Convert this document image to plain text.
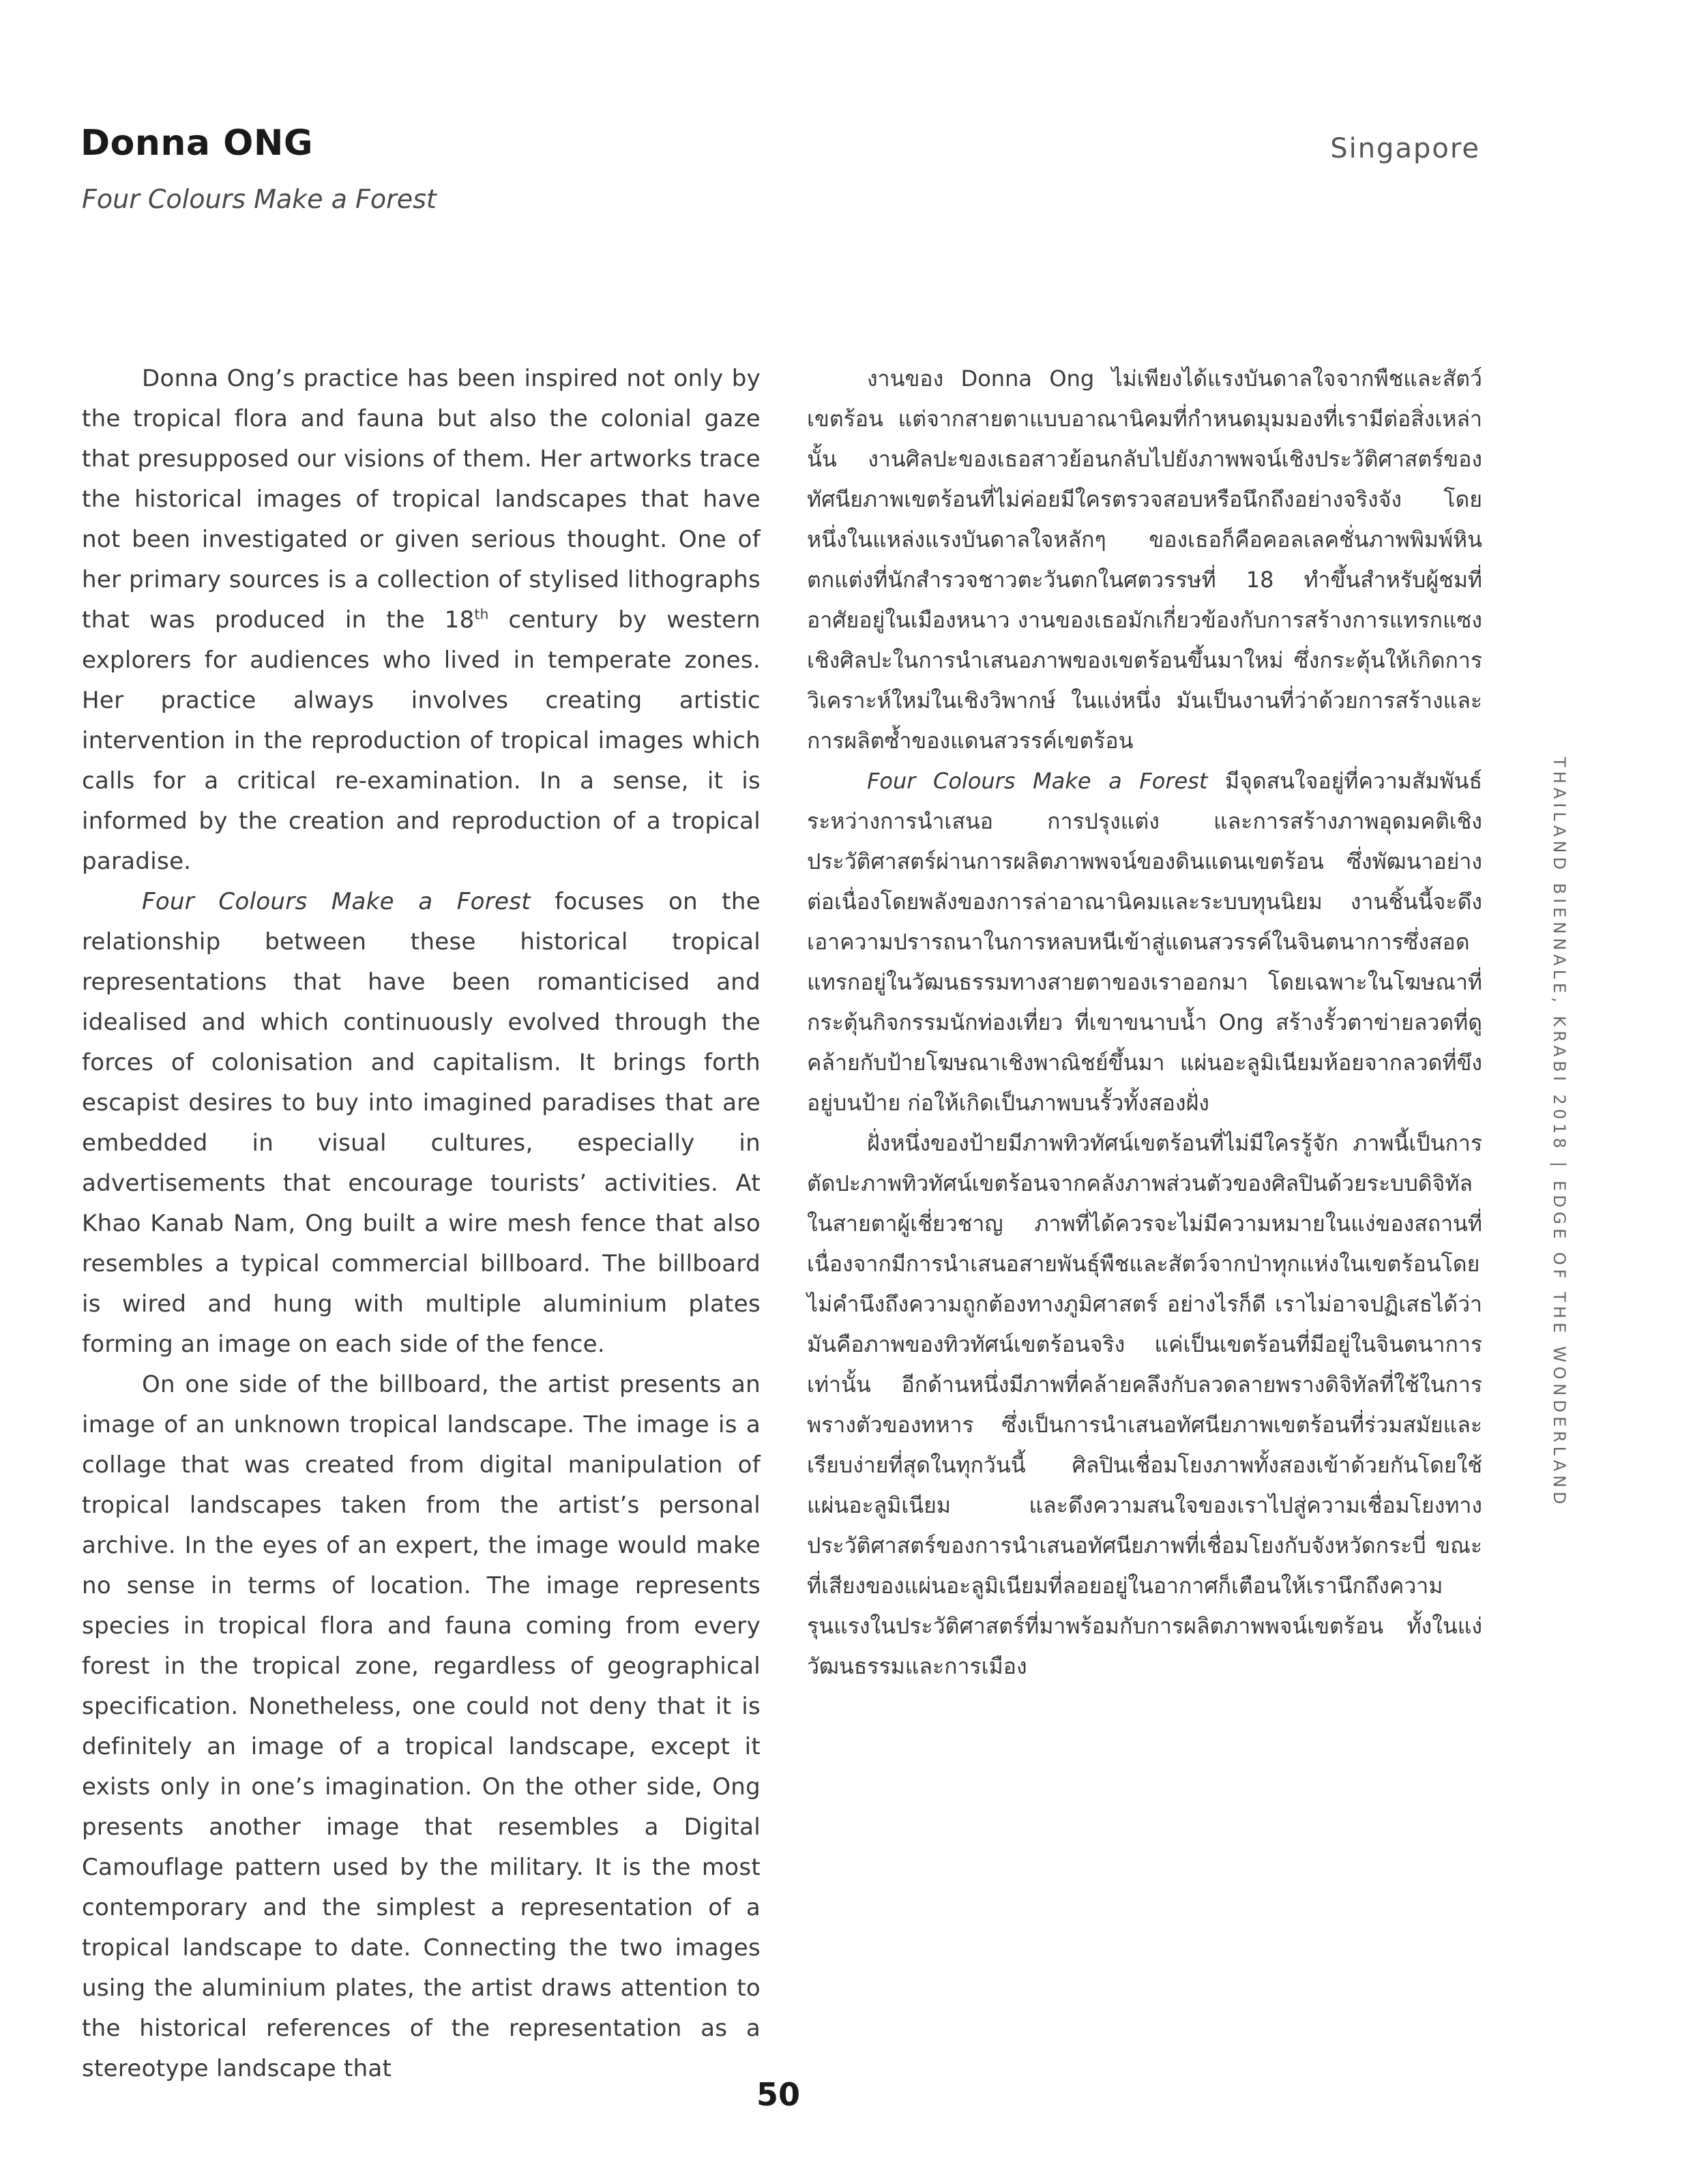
Donna ONG	Singapore
Four Colours Make a Forest

Donna Ong’s practice has been inspired not only by the tropical flora and fauna but also the colonial gaze that presupposed our visions of them. Her artworks trace the historical images of tropical landscapes that have not been investigated or given serious thought. One of her primary sources is a collection of stylised lithographs that was produced in the 18th century by western explorers for audiences who lived in temperate zones. Her practice always involves creating artistic intervention in the reproduction of tropical images which calls for a critical re-examination. In a sense, it is informed by the creation and reproduction of a tropical paradise.

Four Colours Make a Forest focuses on the relationship between these historical tropical representations that have been romanticised and idealised and which continuously evolved through the forces of colonisation and capitalism. It brings forth escapist desires to buy into imagined paradises that are embedded in visual cultures, especially in advertisements that encourage tourists’ activities. At Khao Kanab Nam, Ong built a wire mesh fence that also resembles a typical commercial billboard. The billboard is wired and hung with multiple aluminium plates forming an image on each side of the fence.

On one side of the billboard, the artist presents an image of an unknown tropical landscape. The image is a collage that was created from digital manipulation of tropical landscapes taken from the artist’s personal archive. In the eyes of an expert, the image would make no sense in terms of location. The image represents species in tropical flora and fauna coming from every forest in the tropical zone, regardless of geographical specification. Nonetheless, one could not deny that it is definitely an image of a tropical landscape, except it exists only in one’s imagination. On the other side, Ong presents another image that resembles a Digital Camouflage pattern used by the military. It is the most contemporary and the simplest a representation of a tropical landscape to date. Connecting the two images using the aluminium plates, the artist draws attention to the historical references of the representation as a stereotype landscape that

งานของ Donna Ong ไม่เพียงได้แรงบันดาลใจจากพืชและสัตว์เขตร้อน แต่จากสายตาแบบอาณานิคมที่กำหนดมุมมองที่เรามีต่อสิ่งเหล่านั้น งานศิลปะของเธอสาวย้อนกลับไปยังภาพพจน์เชิงประวัติศาสตร์ของทัศนียภาพเขตร้อนที่ไม่ค่อยมีใครตรวจสอบหรือนึกถึงอย่างจริงจัง โดยหนึ่งในแหล่งแรงบันดาลใจหลักๆ ของเธอก็คือคอลเลคชั่นภาพพิมพ์หินตกแต่งที่นักสำรวจชาวตะวันตกในศตวรรษที่ 18 ทำขึ้นสำหรับผู้ชมที่อาศัยอยู่ในเมืองหนาว งานของเธอมักเกี่ยวข้องกับการสร้างการแทรกแซงเชิงศิลปะในการนำเสนอภาพของเขตร้อนขึ้นมาใหม่ ซึ่งกระตุ้นให้เกิดการวิเคราะห์ใหม่ในเชิงวิพากษ์ ในแง่หนึ่ง มันเป็นงานที่ว่าด้วยการสร้างและการผลิตซ้ำของแดนสวรรค์เขตร้อน

Four Colours Make a Forest มีจุดสนใจอยู่ที่ความสัมพันธ์ระหว่างการนำเสนอ การปรุงแต่ง และการสร้างภาพอุดมคติเชิงประวัติศาสตร์ผ่านการผลิตภาพพจน์ของดินแดนเขตร้อน ซึ่งพัฒนาอย่างต่อเนื่องโดยพลังของการล่าอาณานิคมและระบบทุนนิยม งานชิ้นนี้จะดึงเอาความปรารถนาในการหลบหนีเข้าสู่แดนสวรรค์ในจินตนาการซึ่งสอดแทรกอยู่ในวัฒนธรรมทางสายตาของเราออกมา โดยเฉพาะในโฆษณาที่กระตุ้นกิจกรรมนักท่องเที่ยว ที่เขาขนาบน้ำ Ong สร้างรั้วตาข่ายลวดที่ดูคล้ายกับป้ายโฆษณาเชิงพาณิชย์ขึ้นมา แผ่นอะลูมิเนียมห้อยจากลวดที่ขึงอยู่บนป้าย ก่อให้เกิดเป็นภาพบนรั้วทั้งสองฝั่ง

ฝั่งหนึ่งของป้ายมีภาพทิวทัศน์เขตร้อนที่ไม่มีใครรู้จัก ภาพนี้เป็นการตัดปะภาพทิวทัศน์เขตร้อนจากคลังภาพส่วนตัวของศิลปินด้วยระบบดิจิทัล ในสายตาผู้เชี่ยวชาญ ภาพที่ได้ควรจะไม่มีความหมายในแง่ของสถานที่ เนื่องจากมีการนำเสนอสายพันธุ์พืชและสัตว์จากป่าทุกแห่งในเขตร้อนโดยไม่คำนึงถึงความถูกต้องทางภูมิศาสตร์ อย่างไรก็ดี เราไม่อาจปฏิเสธได้ว่ามันคือภาพของทิวทัศน์เขตร้อนจริง แค่เป็นเขตร้อนที่มีอยู่ในจินตนาการเท่านั้น อีกด้านหนึ่งมีภาพที่คล้ายคลึงกับลวดลายพรางดิจิทัลที่ใช้ในการพรางตัวของทหาร ซึ่งเป็นการนำเสนอทัศนียภาพเขตร้อนที่ร่วมสมัยและเรียบง่ายที่สุดในทุกวันนี้ ศิลปินเชื่อมโยงภาพทั้งสองเข้าด้วยกันโดยใช้แผ่นอะลูมิเนียม และดึงความสนใจของเราไปสู่ความเชื่อมโยงทางประวัติศาสตร์ของการนำเสนอทัศนียภาพที่เชื่อมโยงกับจังหวัดกระบี่ ขณะที่เสียงของแผ่นอะลูมิเนียมที่ลอยอยู่ในอากาศก็เตือนให้เรานึกถึงความรุนแรงในประวัติศาสตร์ที่มาพร้อมกับการผลิตภาพพจน์เขตร้อน ทั้งในแง่วัฒนธรรมและการเมือง

THAILAND BIENNALE, KRABI 2018 | EDGE OF THE WONDERLAND
50
